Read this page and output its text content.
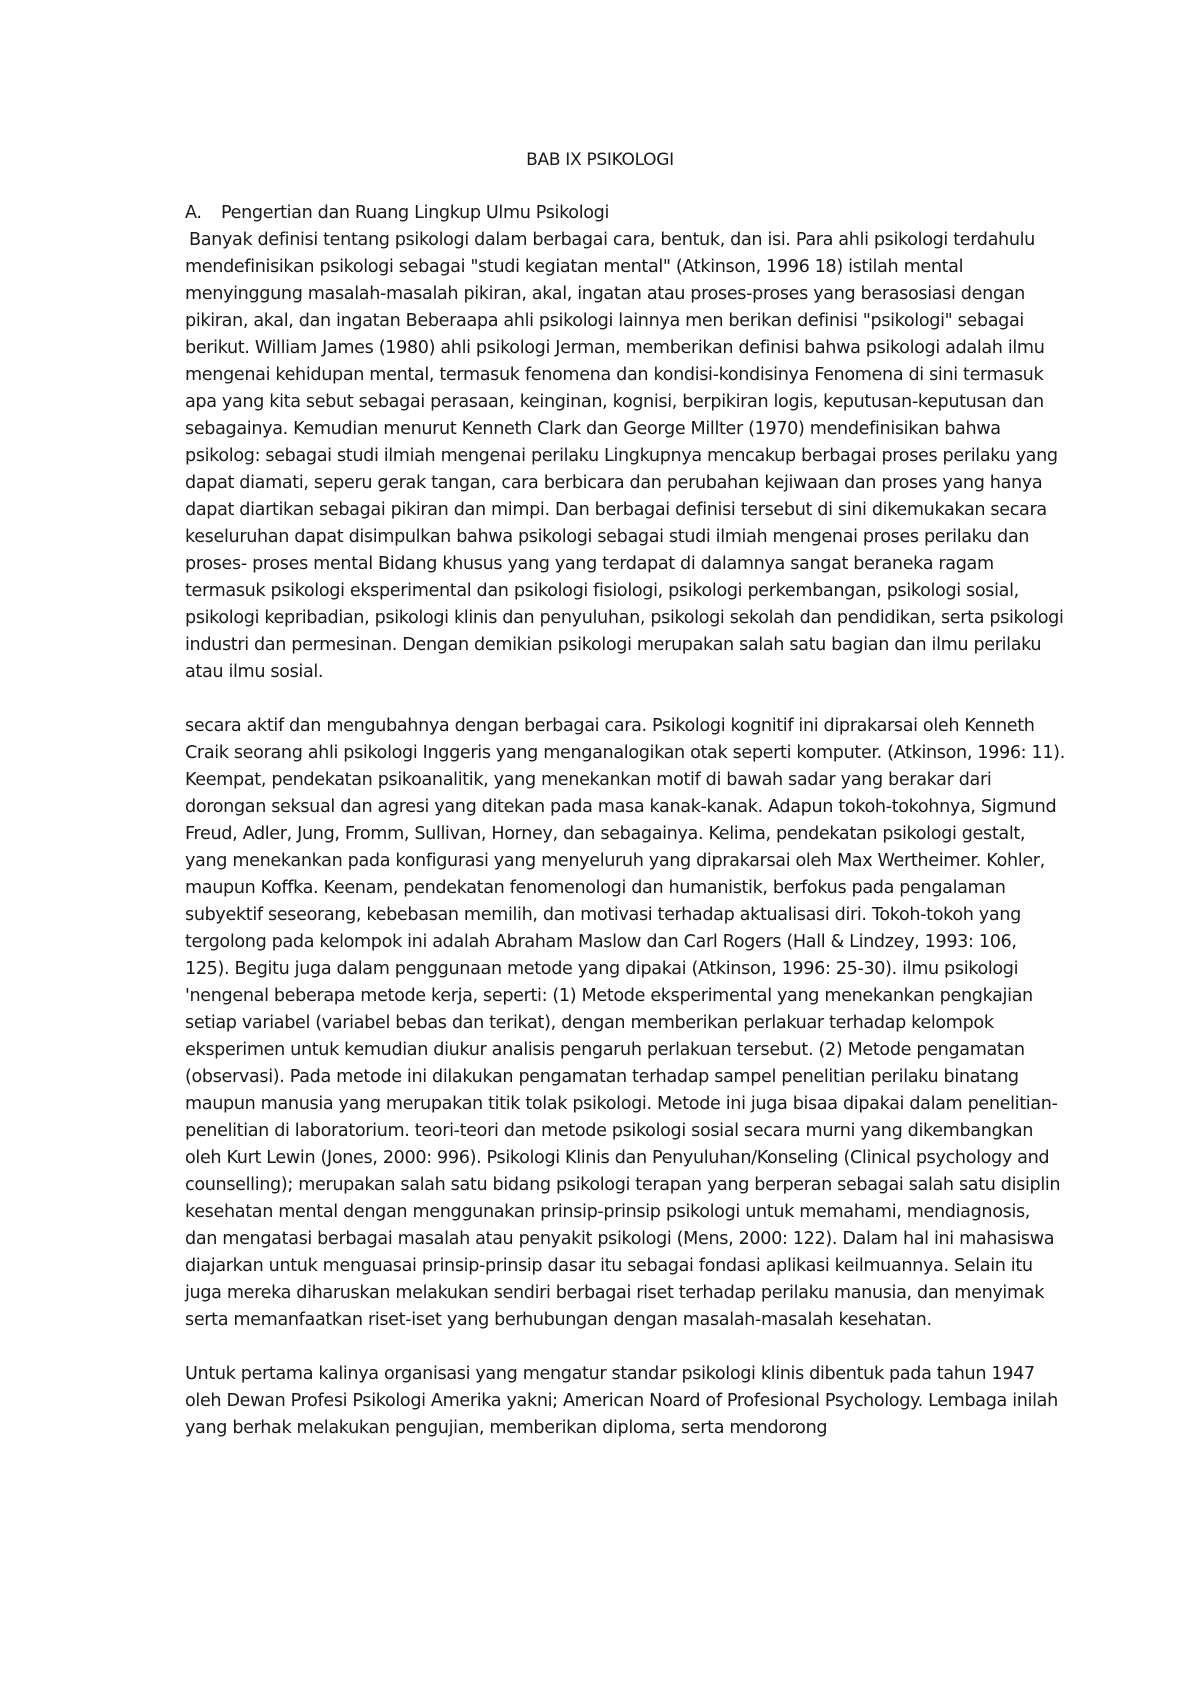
BAB IX PSIKOLOGI
A.	Pengertian dan Ruang Lingkup Ulmu Psikologi

Banyak definisi tentang psikologi dalam berbagai cara, bentuk, dan isi. Para ahli psikologi terdahulu mendefinisikan psikologi sebagai "studi kegiatan mental" (Atkinson, 1996 18) istilah mental menyinggung masalah-masalah pikiran, akal, ingatan atau proses-proses yang berasosiasi dengan pikiran, akal, dan ingatan Beberaapa ahli psikologi lainnya men berikan definisi "psikologi" sebagai berikut. William James (1980) ahli psikologi Jerman, memberikan definisi bahwa psikologi adalah ilmu mengenai kehidupan mental, termasuk fenomena dan kondisi-kondisinya Fenomena di sini termasuk apa yang kita sebut sebagai perasaan, keinginan, kognisi, berpikiran logis, keputusan-keputusan dan sebagainya. Kemudian menurut Kenneth Clark dan George Millter (1970) mendefinisikan bahwa psikolog: sebagai studi ilmiah mengenai perilaku Lingkupnya mencakup berbagai proses perilaku yang dapat diamati, seperu gerak tangan, cara berbicara dan perubahan kejiwaan dan proses yang hanya dapat diartikan sebagai pikiran dan mimpi. Dan berbagai definisi tersebut di sini dikemukakan secara keseluruhan dapat disimpulkan bahwa psikologi sebagai studi ilmiah mengenai proses perilaku dan proses- proses mental Bidang khusus yang yang terdapat di dalamnya sangat beraneka ragam termasuk psikologi eksperimental dan psikologi fisiologi, psikologi perkembangan, psikologi sosial, psikologi kepribadian, psikologi klinis dan penyuluhan, psikologi sekolah dan pendidikan, serta psikologi industri dan permesinan. Dengan demikian psikologi merupakan salah satu bagian dan ilmu perilaku atau ilmu sosial.

secara aktif dan mengubahnya dengan berbagai cara. Psikologi kognitif ini diprakarsai oleh Kenneth Craik seorang ahli psikologi Inggeris yang menganalogikan otak seperti komputer. (Atkinson, 1996: 11). Keempat, pendekatan psikoanalitik, yang menekankan motif di bawah sadar yang berakar dari dorongan seksual dan agresi yang ditekan pada masa kanak-kanak. Adapun tokoh-tokohnya, Sigmund Freud, Adler, Jung, Fromm, Sullivan, Horney, dan sebagainya. Kelima, pendekatan psikologi gestalt, yang menekankan pada konfigurasi yang menyeluruh yang diprakarsai oleh Max Wertheimer. Kohler, maupun Koffka. Keenam, pendekatan fenomenologi dan humanistik, berfokus pada pengalaman subyektif seseorang, kebebasan memilih, dan motivasi terhadap aktualisasi diri. Tokoh-tokoh yang tergolong pada kelompok ini adalah Abraham Maslow dan Carl Rogers (Hall & Lindzey, 1993: 106, 125). Begitu juga dalam penggunaan metode yang dipakai (Atkinson, 1996: 25-30). ilmu psikologi 'nengenal beberapa metode kerja, seperti: (1) Metode eksperimental yang menekankan pengkajian setiap variabel (variabel bebas dan terikat), dengan memberikan perlakuar terhadap kelompok eksperimen untuk kemudian diukur analisis pengaruh perlakuan tersebut. (2) Metode pengamatan (observasi). Pada metode ini dilakukan pengamatan terhadap sampel penelitian perilaku binatang maupun manusia yang merupakan titik tolak psikologi. Metode ini juga bisaa dipakai dalam penelitian- penelitian di laboratorium. teori-teori dan metode psikologi sosial secara murni yang dikembangkan oleh Kurt Lewin (Jones, 2000: 996). Psikologi Klinis dan Penyuluhan/Konseling (Clinical psychology and counselling); merupakan salah satu bidang psikologi terapan yang berperan sebagai salah satu disiplin kesehatan mental dengan menggunakan prinsip-prinsip psikologi untuk memahami, mendiagnosis, dan mengatasi berbagai masalah atau penyakit psikologi (Mens, 2000: 122). Dalam hal ini mahasiswa diajarkan untuk menguasai prinsip-prinsip dasar itu sebagai fondasi aplikasi keilmuannya. Selain itu juga mereka diharuskan melakukan sendiri berbagai riset terhadap perilaku manusia, dan menyimak serta memanfaatkan riset-iset yang berhubungan dengan masalah-masalah kesehatan.

Untuk pertama kalinya organisasi yang mengatur standar psikologi klinis dibentuk pada tahun 1947 oleh Dewan Profesi Psikologi Amerika yakni; American Noard of Profesional Psychology. Lembaga inilah yang berhak melakukan pengujian, memberikan diploma, serta mendorong
